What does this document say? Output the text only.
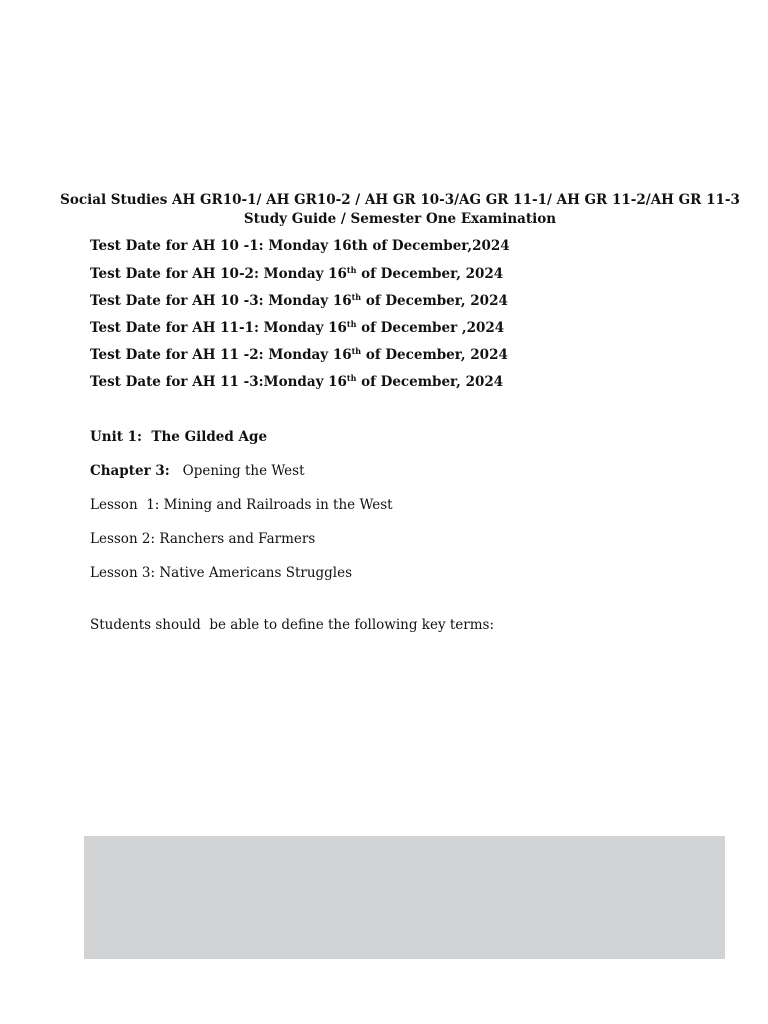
Social Studies AH GR10-1/ AH GR10-2 / AH GR 10-3/AG GR 11-1/ AH GR 11-2/AH GR 11-3
Study Guide / Semester One Examination
Test Date for AH 10 -1: Monday 16th of December,2024
Test Date for AH 10-2: Monday 16th of December, 2024
Test Date for AH 10 -3: Monday 16th of December, 2024
Test Date for AH 11-1: Monday 16th of December ,2024
Test Date for AH 11 -2: Monday 16th of December, 2024
Test Date for AH 11 -3:Monday 16th of December, 2024
Unit 1:  The Gilded Age
Chapter 3:   Opening the West
Lesson  1: Mining and Railroads in the West
Lesson 2: Ranchers and Farmers
Lesson 3: Native Americans Struggles
Students should  be able to define the following key terms:
